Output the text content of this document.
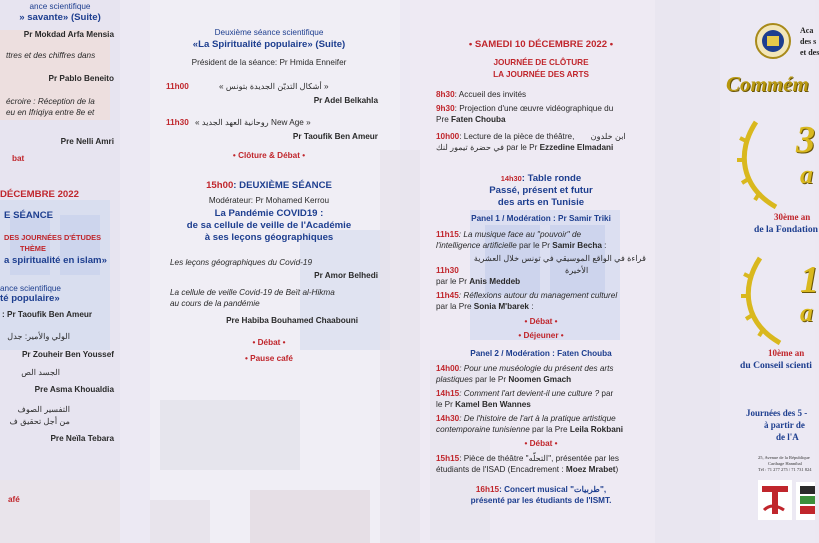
ance scientifique
» savante» (Suite)
Pr Mokdad Arfa Mensia
ttres et des chiffres dans
Pr Pablo Beneito
écroire : Réception de la
eu en Ifriqiya entre 8e et
Pre Nelli Amri
bat
DÉCEMBRE 2022
E SÉANCE
DES JOURNÉES D'ÉTUDES
THÈME
a spiritualité en islam»
ance scientifique
té populaire»
: Pr Taoufik Ben Ameur
الولي والأمير: جدل
Pr Zouheir Ben Youssef
الجسد الص
Pre Asma Khoualdia
التفسير الصوف
من أجل تحقيق ف
Pre Neïla Tebara
afé
Deuxième séance scientifique
«La Spiritualité populaire» (Suite)
Président de la séance: Pr Hmida Enneifer
11h00	« أشكال التديّن الجديدة بتونس »
Pr Adel Belkahla
11h30 « روحانية العهد الجديد New Age »
Pr Taoufik Ben Ameur
• Clôture & Débat •
15h00: DEUXIÈME SÉANCE
Modérateur: Pr Mohamed Kerrou
La Pandémie COVID19 :
de sa cellule de veille de l'Académie
à ses leçons géographiques
Les leçons géographiques du Covid-19
Pr Amor Belhedi
La cellule de veille Covid-19 de Beït al-Hikma
au cours de la pandémie
Pre Habiba Bouhamed Chaabouni
• Débat •
• Pause café
• SAMEDI 10 DÉCEMBRE 2022 •
JOURNÉE DE CLÔTURE
LA JOURNÉE DES ARTS
8h30: Accueil des invités
9h30: Projection d'une œuvre vidéographique du
Pre Faten Chouba
10h00: Lecture de la pièce de théâtre, ابن خلدون
في حضرة تيمور لنك par le Pr Ezzedine Elmadani
14h30: Table ronde
Passé, présent et futur
des arts en Tunisie
Panel 1 / Modération : Pr Samir Triki
11h15: La musique face au "pouvoir" de
l'intelligence artificielle par le Pr Samir Becha :
قراءة في الواقع الموسيقي في تونس خلال العشرية
11h30	الأخيرة
par le Pr Anis Meddeb
11h45: Réflexions autour du management culturel
par la Pre Sonia M'barek :
• Débat •
• Déjeuner •
Panel 2 / Modération : Faten Chouba
14h00: Pour une muséologie du présent des arts
plastiques par le Pr Noomen Gmach
14h15: Comment l'art devient-il une culture ? par
le Pr Kamel Ben Wannes
14h30: De l'histoire de l'art à la pratique artistique
contemporaine tunisienne par la Pre Leila Rokbani
• Débat •
15h15: Pièce de théâtre "التحلّه", présentée par les
étudiants de l'ISAD (Encadrement : Moez Mrabet)
16h15: Concert musical "طربيات",
présenté par les étudiants de l'ISMT.
Aca
des s
et des
Commém
3
a
30ème an
de la Fondation
1
a
10ème an
du Conseil scienti
Journées des 5 -
à partir de
de l'A
25, Avenue de la République
Carthage Hannibal
Tél : 71 277 275 / 71 731 824
